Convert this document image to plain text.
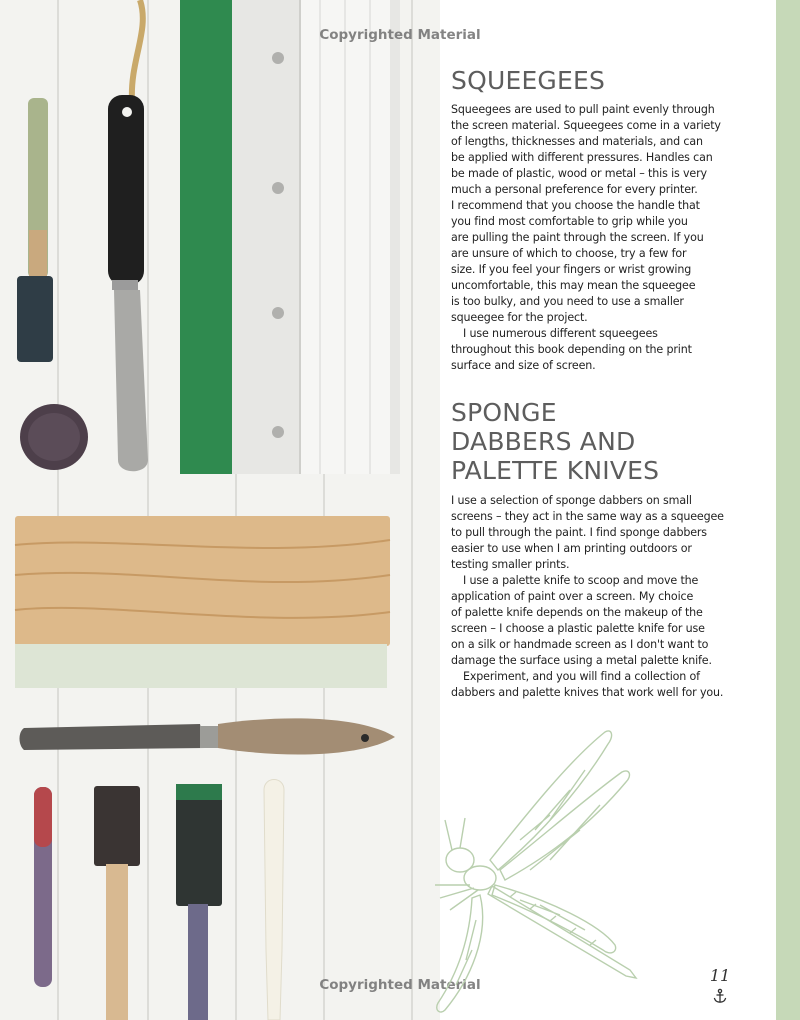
Copyrighted Material
Copyrighted Material
SQUEEGEES

Squeegees are used to pull paint evenly through

the screen material. Squeegees come in a variety

of lengths, thicknesses and materials, and can

be applied with different pressures. Handles can

be made of plastic, wood or metal – this is very

much a personal preference for every printer.

I recommend that you choose the handle that

you find most comfortable to grip while you

are pulling the paint through the screen. If you

are unsure of which to choose, try a few for

size. If you feel your fingers or wrist growing

uncomfortable, this may mean the squeegee

is too bulky, and you need to use a smaller

squeegee for the project.

I use numerous different squeegees

throughout this book depending on the print

surface and size of screen.

SPONGE
DABBERS AND
PALETTE KNIVES

I use a selection of sponge dabbers on small

screens – they act in the same way as a squeegee

to pull through the paint. I find sponge dabbers

easier to use when I am printing outdoors or

testing smaller prints.

I use a palette knife to scoop and move the

application of paint over a screen. My choice

of palette knife depends on the makeup of the

screen – I choose a plastic palette knife for use

on a silk or handmade screen as I don't want to

damage the surface using a metal palette knife.

Experiment, and you will find a collection of

dabbers and palette knives that work well for you.

11
